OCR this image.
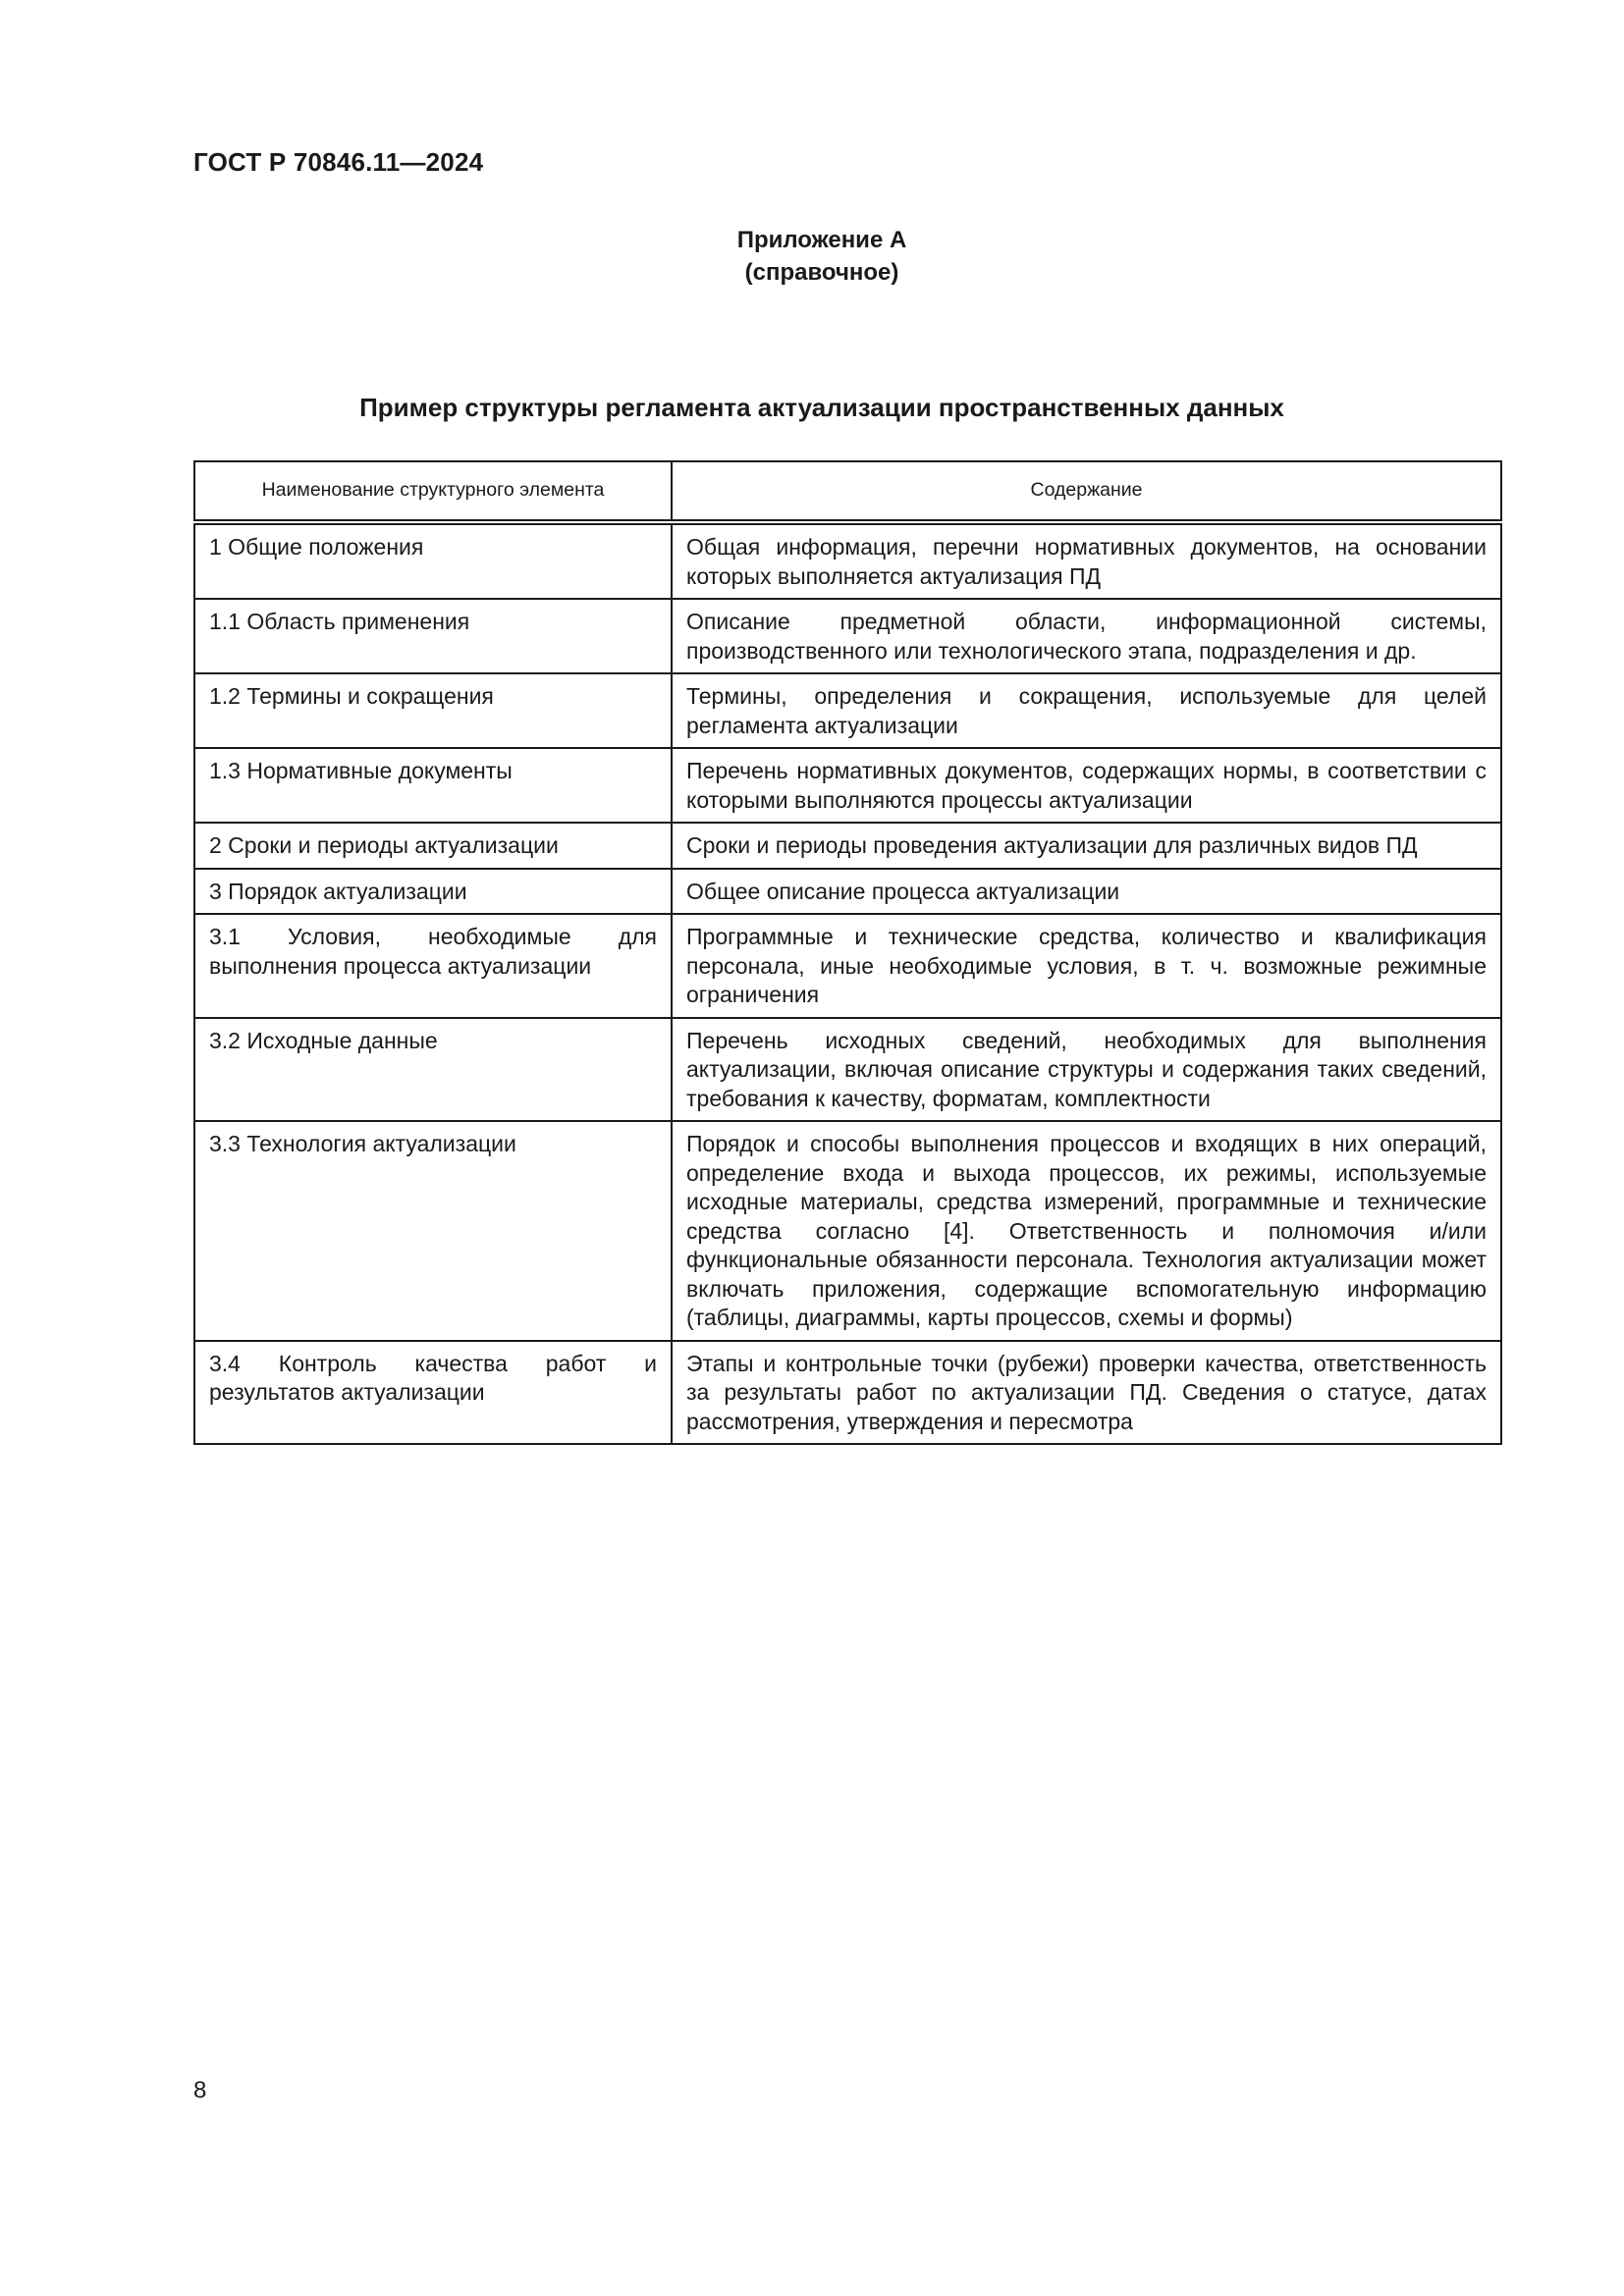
ГОСТ Р 70846.11—2024
Приложение А
(справочное)
Пример структуры регламента актуализации пространственных данных
Наименование структурного элемента	Содержание
1 Общие положения	Общая информация, перечни нормативных документов, на основании которых выполняется актуализация ПД
1.1 Область применения	Описание предметной области, информационной системы, производственного или технологического этапа, подразделения и др.
1.2 Термины и сокращения	Термины, определения и сокращения, используемые для целей регламента актуализации
1.3 Нормативные документы	Перечень нормативных документов, содержащих нормы, в соответствии с которыми выполняются процессы актуализации
2 Сроки и периоды актуализации	Сроки и периоды проведения актуализации для различных видов ПД
3 Порядок актуализации	Общее описание процесса актуализации
3.1 Условия, необходимые для выполнения процесса актуализации	Программные и технические средства, количество и квалификация персонала, иные необходимые условия, в т. ч. возможные режимные ограничения
3.2 Исходные данные	Перечень исходных сведений, необходимых для выполнения актуализации, включая описание структуры и содержания таких сведений, требования к качеству, форматам, комплектности
3.3 Технология актуализации	Порядок и способы выполнения процессов и входящих в них операций, определение входа и выхода процессов, их режимы, используемые исходные материалы, средства измерений, программные и технические средства согласно [4]. Ответственность и полномочия и/или функциональные обязанности персонала. Технология актуализации может включать приложения, содержащие вспомогательную информацию (таблицы, диаграммы, карты процессов, схемы и формы)
3.4 Контроль качества работ и результатов актуализации	Этапы и контрольные точки (рубежи) проверки качества, ответственность за результаты работ по актуализации ПД. Сведения о статусе, датах рассмотрения, утверждения и пересмотра
8
